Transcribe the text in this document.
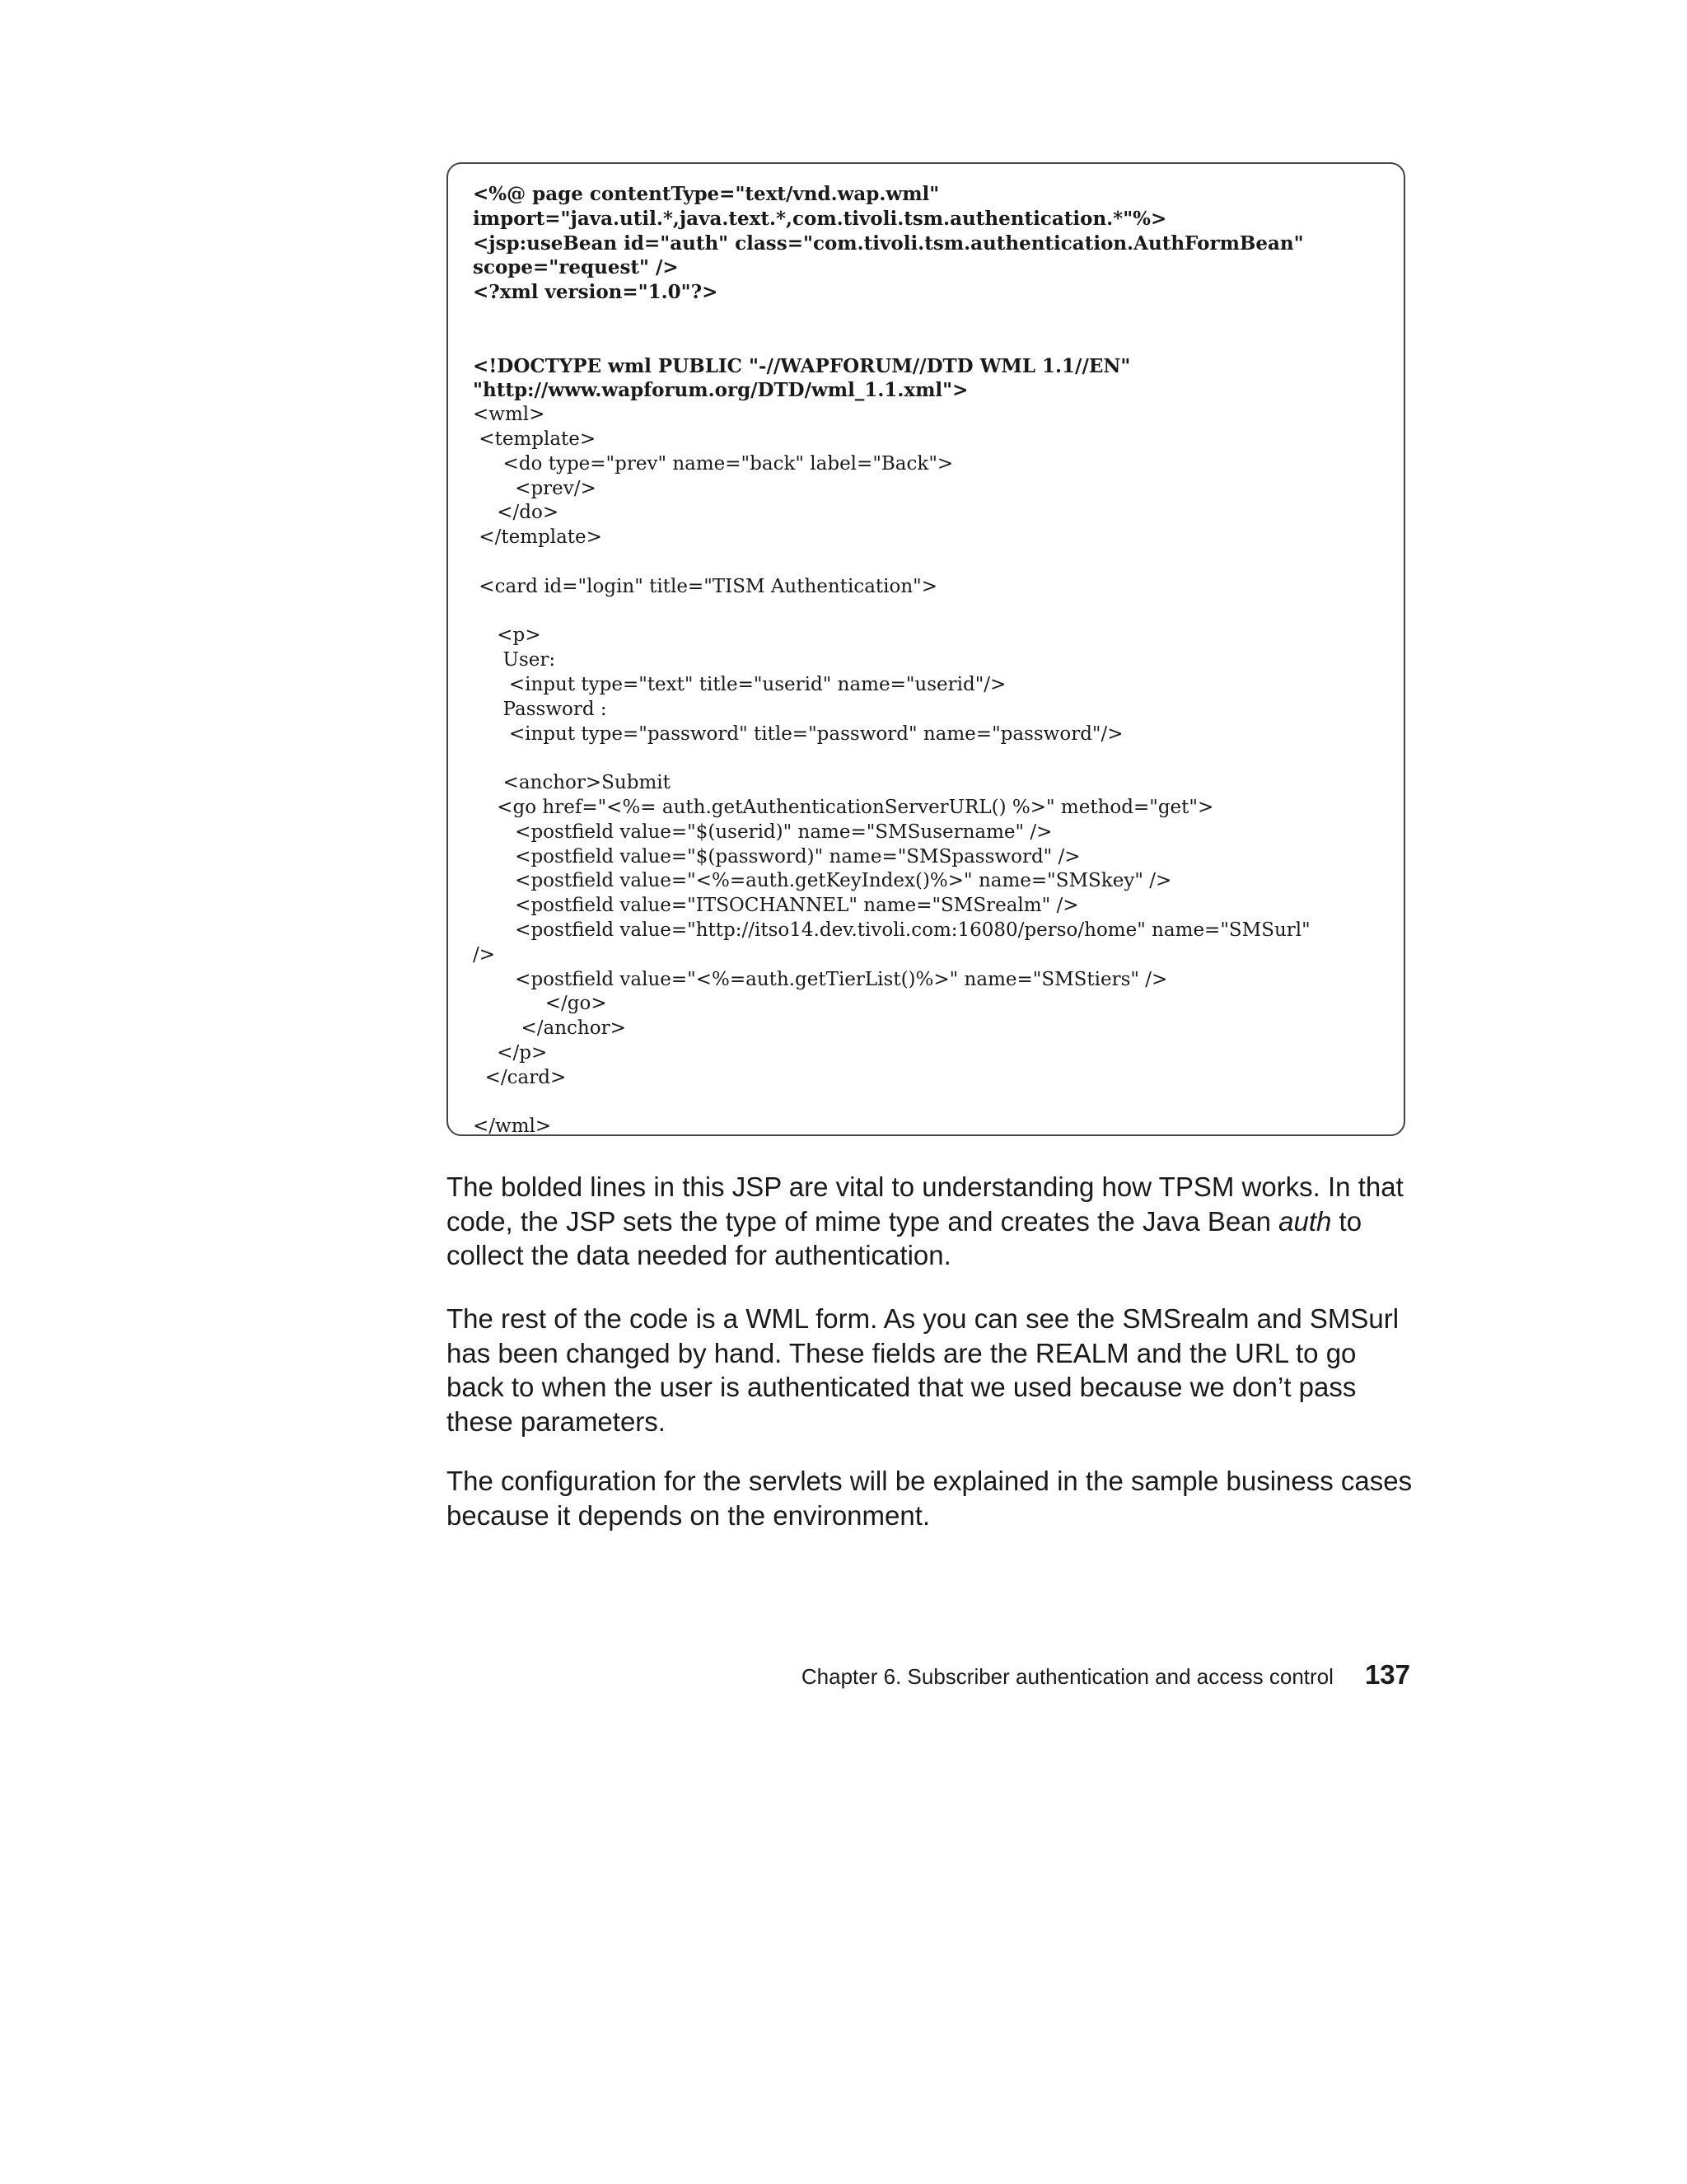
<%@ page contentType="text/vnd.wap.wml"
import="java.util.*,java.text.*,com.tivoli.tsm.authentication.*"%>
<jsp:useBean id="auth" class="com.tivoli.tsm.authentication.AuthFormBean"
scope="request" />
<?xml version="1.0"?>
<!DOCTYPE wml PUBLIC "-//WAPFORUM//DTD WML 1.1//EN"
"http://www.wapforum.org/DTD/wml_1.1.xml">
<wml>
<template>
<do type="prev" name="back" label="Back">
<prev/>
</do>
</template>
<card id="login" title="TISM Authentication">
<p>
User:
<input type="text" title="userid" name="userid"/>
Password :
<input type="password" title="password" name="password"/>
<anchor>Submit
<go href="<%= auth.getAuthenticationServerURL() %>" method="get">
<postfield value="$(userid)" name="SMSusername" />
<postfield value="$(password)" name="SMSpassword" />
<postfield value="<%=auth.getKeyIndex()%>" name="SMSkey" />
<postfield value="ITSOCHANNEL" name="SMSrealm" />
<postfield value="http://itso14.dev.tivoli.com:16080/perso/home" name="SMSurl"
/>
<postfield value="<%=auth.getTierList()%>" name="SMStiers" />
</go>
</anchor>
</p>
</card>
</wml>

The bolded lines in this JSP are vital to understanding how TPSM works. In that code, the JSP sets the type of mime type and creates the Java Bean auth to collect the data needed for authentication.

The rest of the code is a WML form. As you can see the SMSrealm and SMSurl has been changed by hand. These fields are the REALM and the URL to go back to when the user is authenticated that we used because we don’t pass these parameters.

The configuration for the servlets will be explained in the sample business cases because it depends on the environment.

Chapter 6. Subscriber authentication and access control 137
